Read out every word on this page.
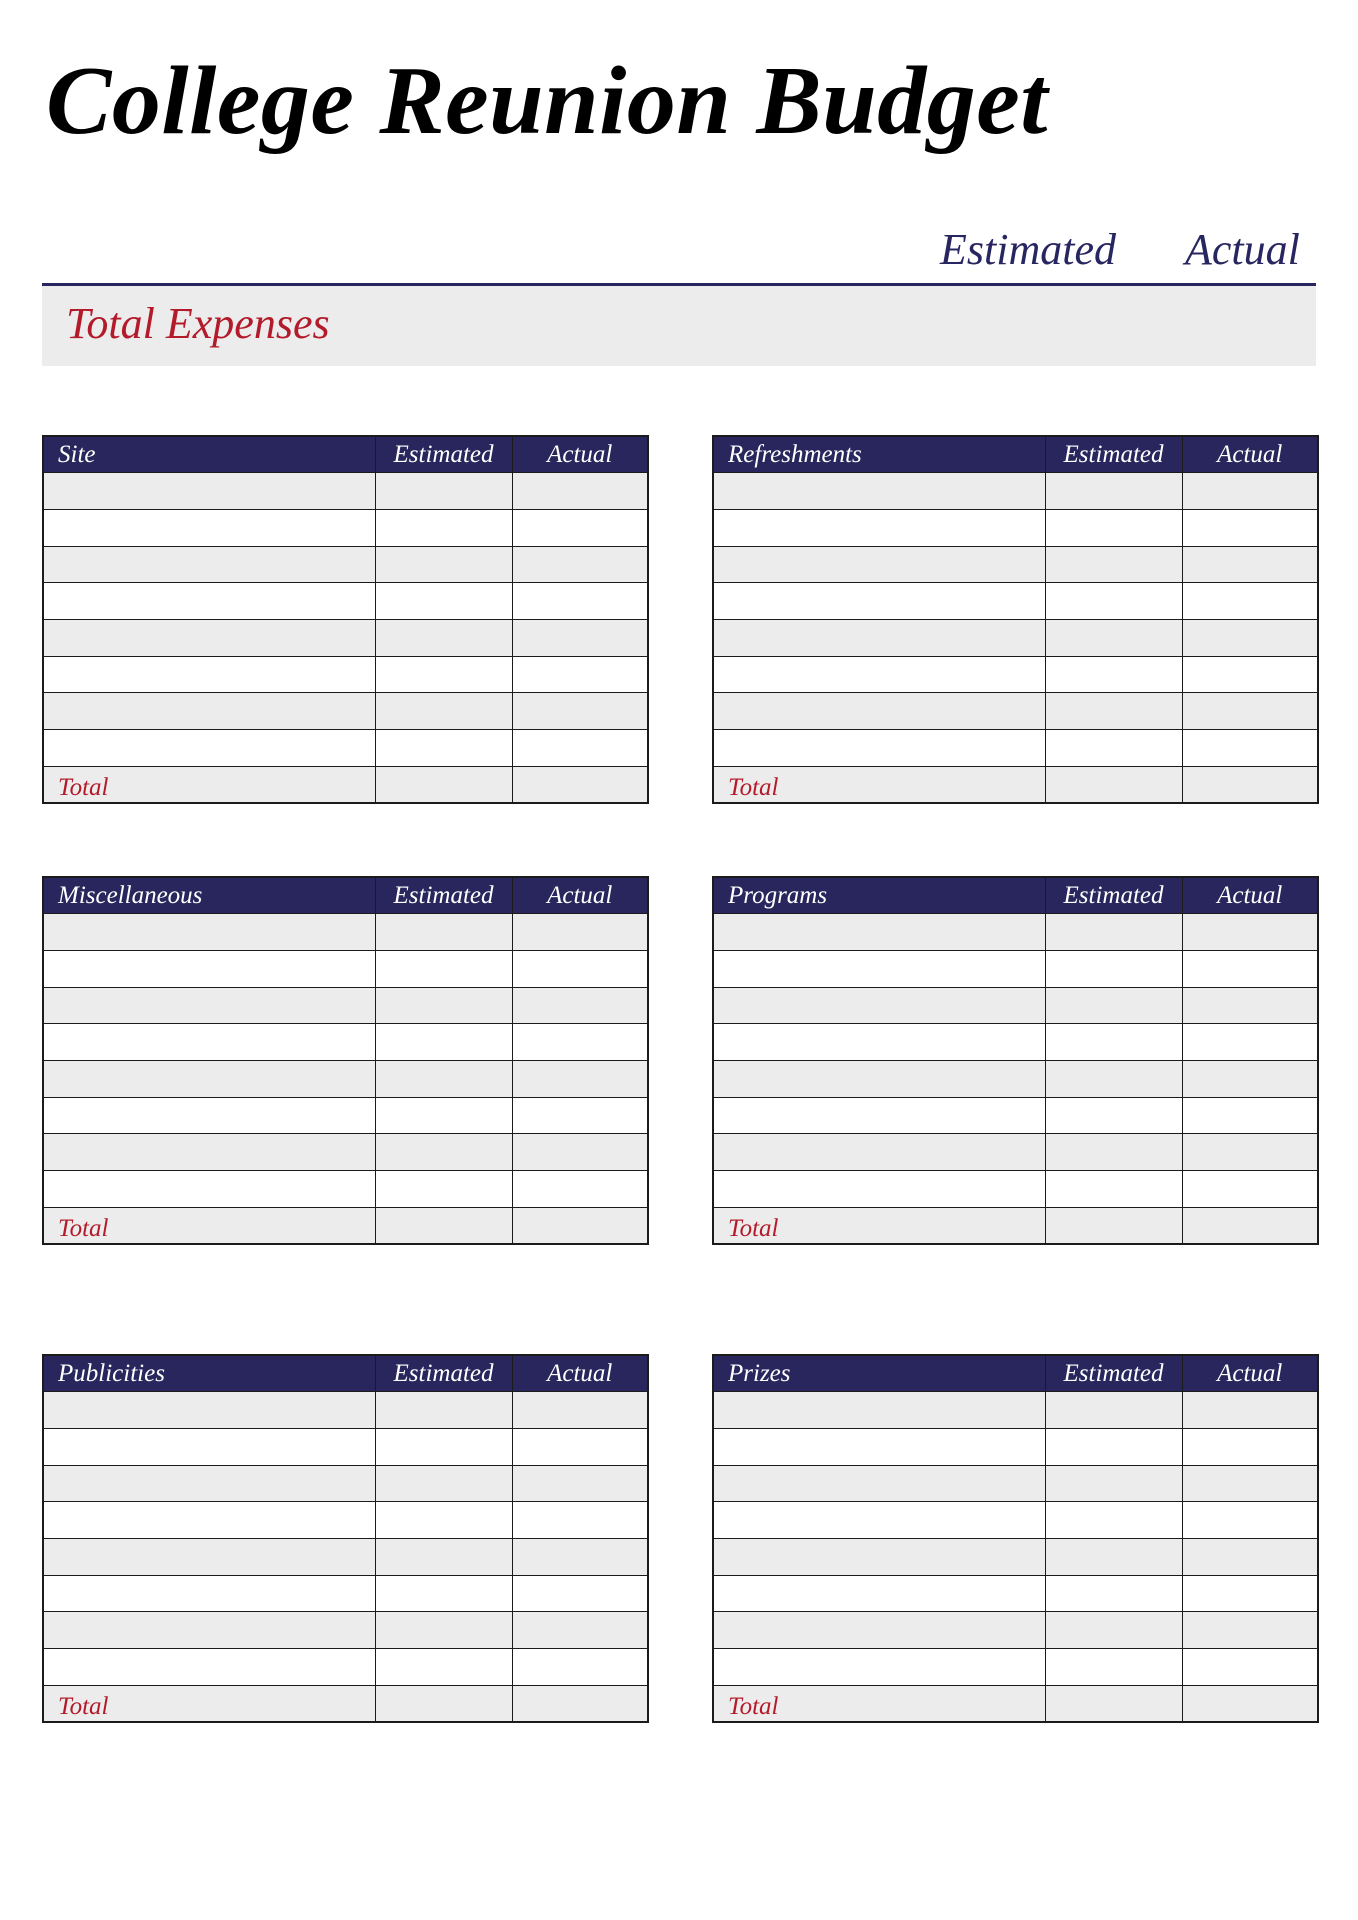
College Reunion Budget
Estimated Actual
Total Expenses
Site	Estimated	Actual

Total		
Refreshments	Estimated	Actual

Total		
Miscellaneous	Estimated	Actual

Total		
Programs	Estimated	Actual

Total		
Publicities	Estimated	Actual

Total		
Prizes	Estimated	Actual

Total		
